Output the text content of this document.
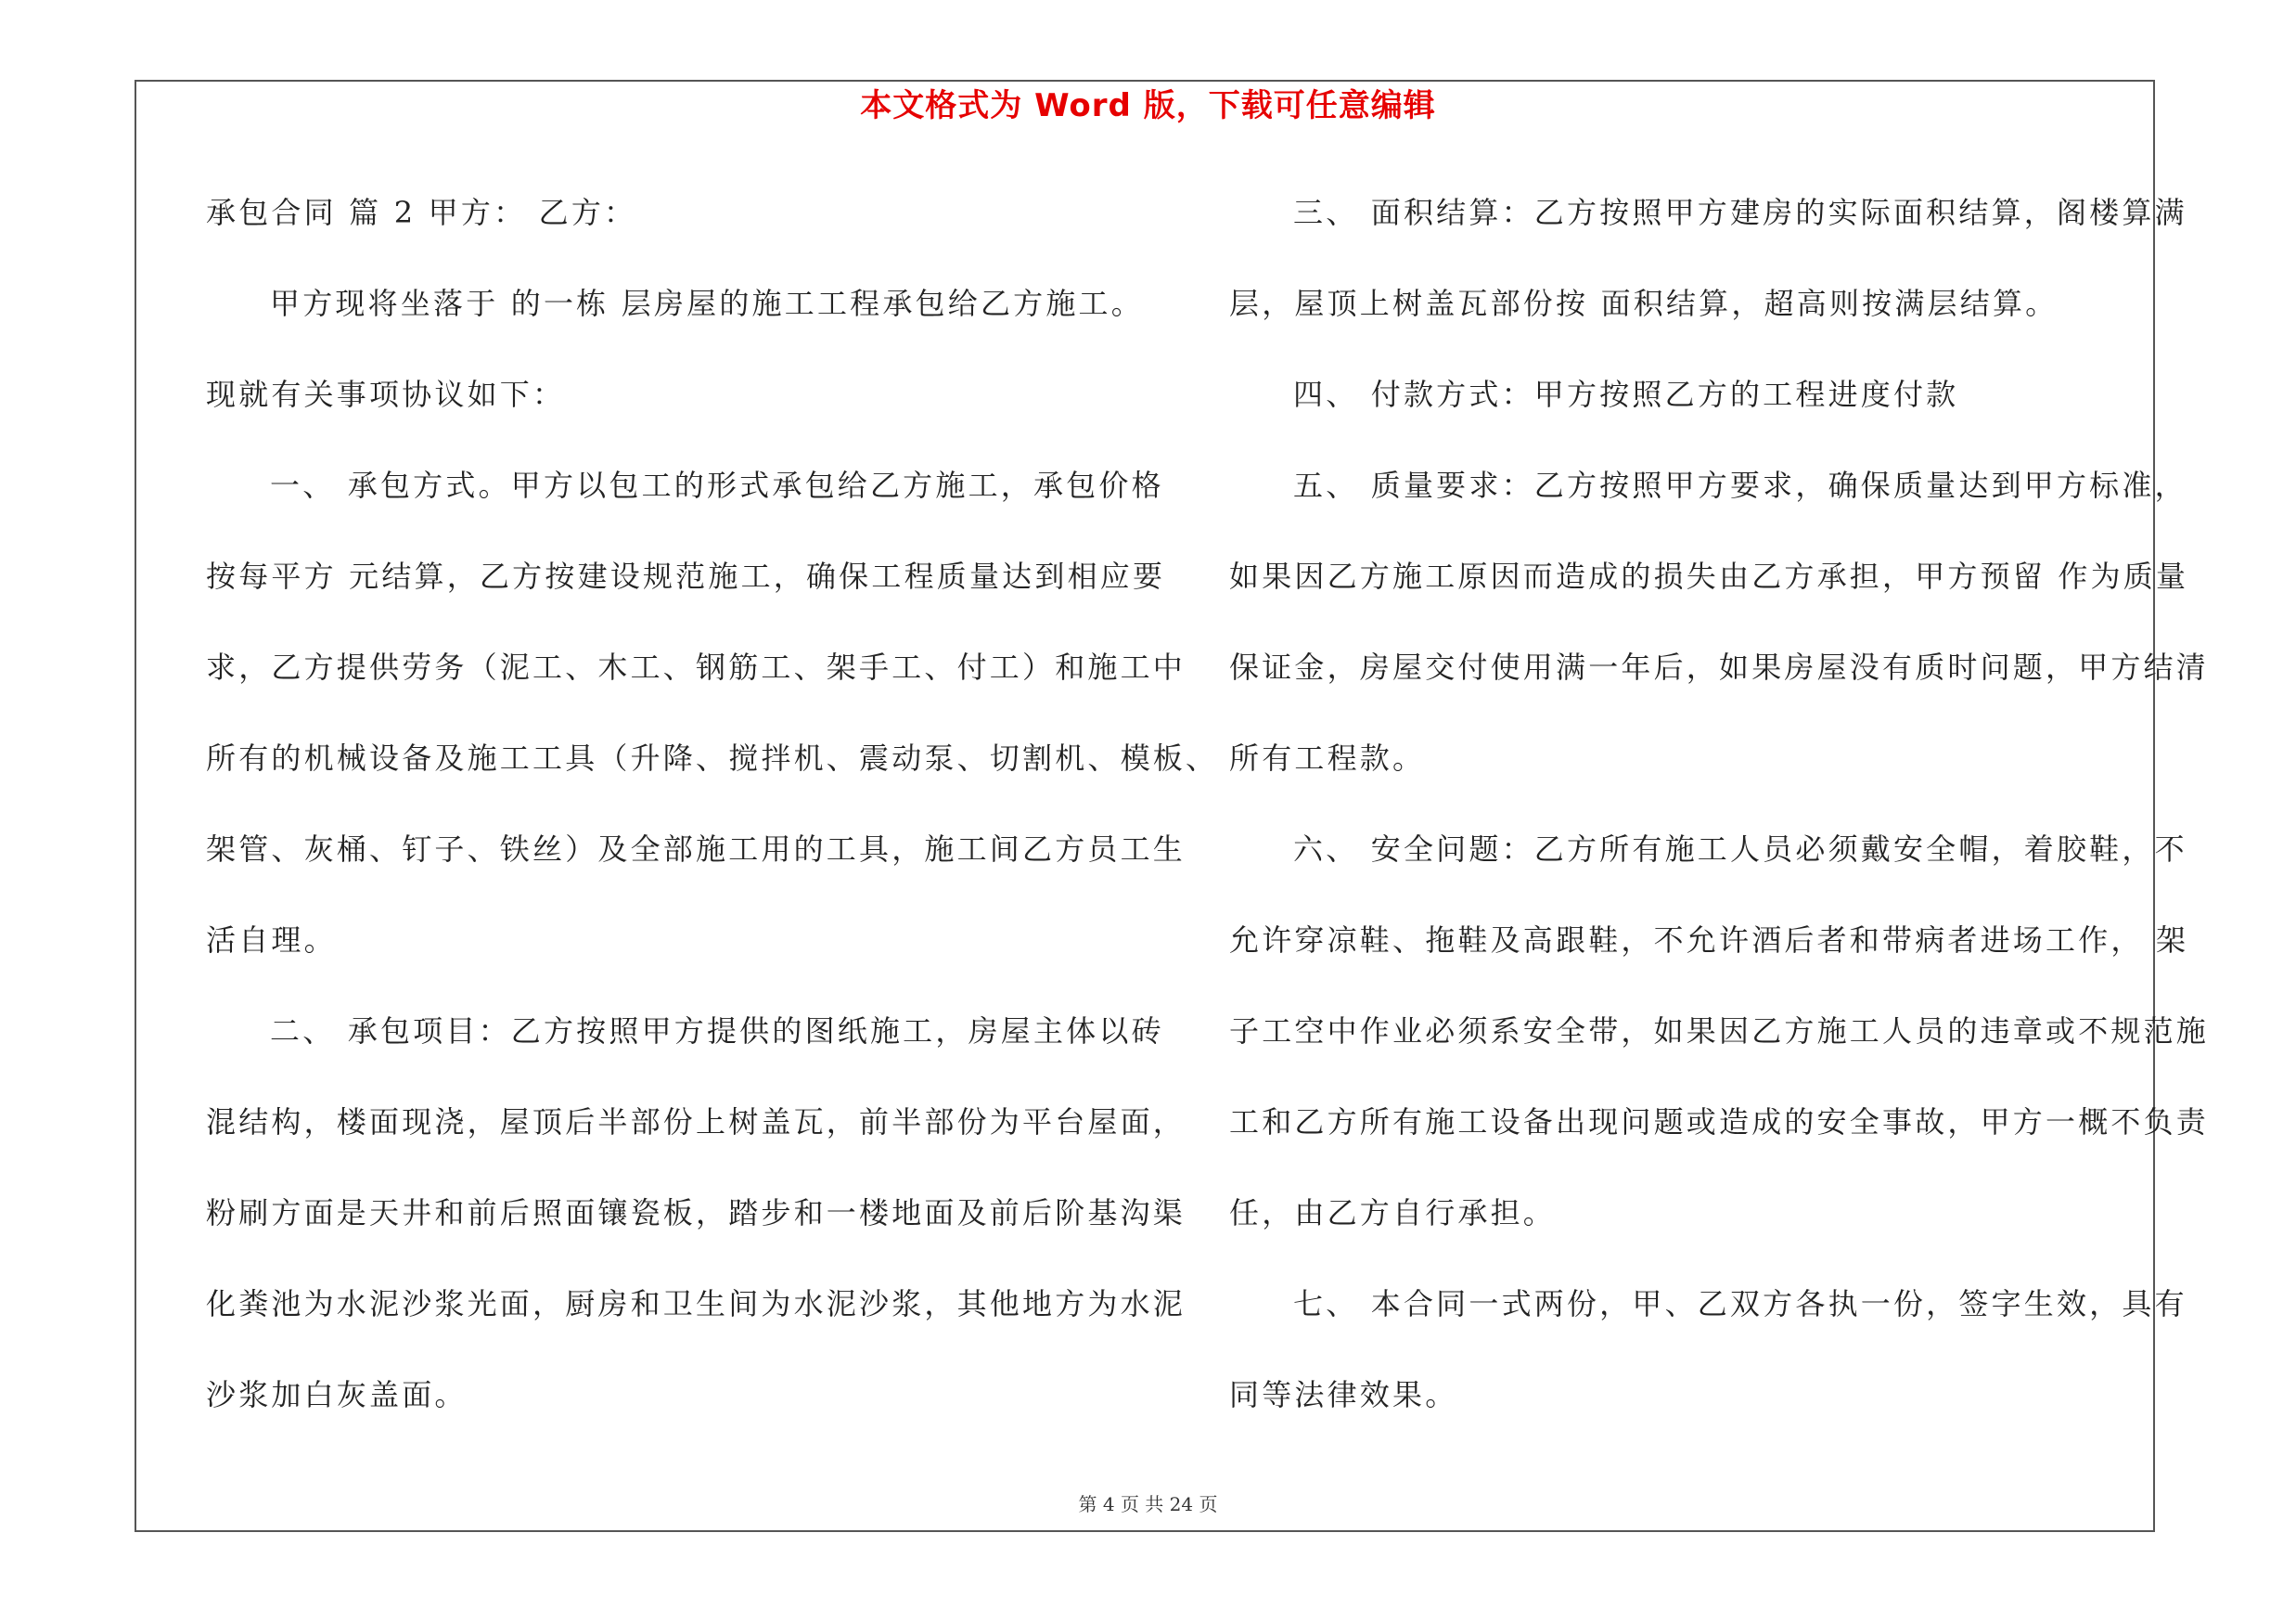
本文格式为 Word 版，下载可任意编辑

承包合同 篇 2 甲方： 乙方：

甲方现将坐落于 的一栋 层房屋的施工工程承包给乙方施工。

现就有关事项协议如下：

一、 承包方式。甲方以包工的形式承包给乙方施工，承包价格

按每平方 元结算，乙方按建设规范施工，确保工程质量达到相应要

求，乙方提供劳务（泥工、木工、钢筋工、架手工、付工）和施工中

所有的机械设备及施工工具（升降、搅拌机、震动泵、切割机、模板、

架管、灰桶、钉子、铁丝）及全部施工用的工具，施工间乙方员工生

活自理。

二、 承包项目：乙方按照甲方提供的图纸施工，房屋主体以砖

混结构，楼面现浇，屋顶后半部份上树盖瓦，前半部份为平台屋面，

粉刷方面是天井和前后照面镶瓷板，踏步和一楼地面及前后阶基沟渠

化粪池为水泥沙浆光面，厨房和卫生间为水泥沙浆，其他地方为水泥

沙浆加白灰盖面。

三、 面积结算：乙方按照甲方建房的实际面积结算，阁楼算满

层，屋顶上树盖瓦部份按 面积结算，超高则按满层结算。

四、 付款方式：甲方按照乙方的工程进度付款

五、 质量要求：乙方按照甲方要求，确保质量达到甲方标准，

如果因乙方施工原因而造成的损失由乙方承担，甲方预留 作为质量

保证金，房屋交付使用满一年后，如果房屋没有质时问题，甲方结清

所有工程款。

六、 安全问题：乙方所有施工人员必须戴安全帽，着胶鞋，不

允许穿凉鞋、拖鞋及高跟鞋，不允许酒后者和带病者进场工作， 架

子工空中作业必须系安全带，如果因乙方施工人员的违章或不规范施

工和乙方所有施工设备出现问题或造成的安全事故，甲方一概不负责

任，由乙方自行承担。

七、 本合同一式两份，甲、乙双方各执一份，签字生效，具有

同等法律效果。

第 4 页 共 24 页
